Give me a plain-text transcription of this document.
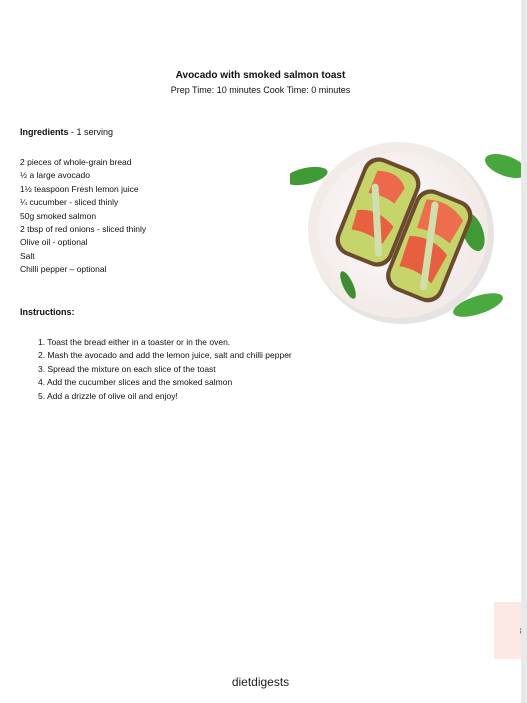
Avocado with smoked salmon toast
Prep Time: 10 minutes Cook Time: 0 minutes
Ingredients - 1 serving
2 pieces of whole-grain bread
½ a large avocado
1½ teaspoon Fresh lemon juice
¼ cucumber - sliced thinly
50g smoked salmon
2 tbsp of red onions - sliced thinly
Olive oil - optional
Salt
Chilli pepper – optional
Instructions:
1. Toast the bread either in a toaster or in the oven.
2. Mash the avocado and add the lemon juice, salt and chilli pepper
3. Spread the mixture on each slice of the toast
4. Add the cucumber slices and the smoked salmon
5. Add a drizzle of olive oil and enjoy!
dietdigests
